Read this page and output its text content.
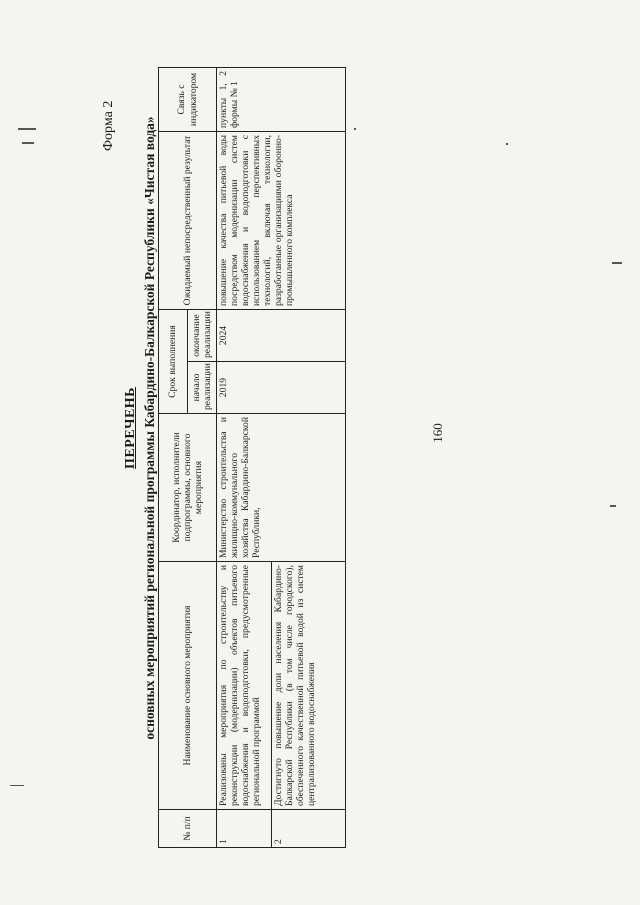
160
Форма 2
ПЕРЕЧЕНЬ основных мероприятий региональной программы Кабардино-Балкарской Республики «Чистая вода»
№ п/п	Наименование основного мероприятия	Координатор, исполнители подпрограммы, основного мероприятия	Срок выполнения		Ожидаемый непосредственный результат	Связь с индикатором
			начало реализации	окончание реализации		
1	Реализованы мероприятия по строительству и реконструкции (модернизации) объектов питьевого водоснабжения и водоподготовки, предусмотренные региональной программой	Министерство строительства и жилищно-коммунального хозяйства Кабардино-Балкарской Республики,	2019	2024	повышение качества питьевой воды посредством модернизации систем водоснабжения и водоподготовки с использованием перспективных технологий, включая технологии, разработанные организациями оборонно-промышленного комплекса	пункты 1, 2 формы № 1
2	Достигнуто повышение доли населения Кабардино-Балкарской Республики (в том числе городского), обеспеченного качественной питьевой водой из систем централизованного водоснабжения					
